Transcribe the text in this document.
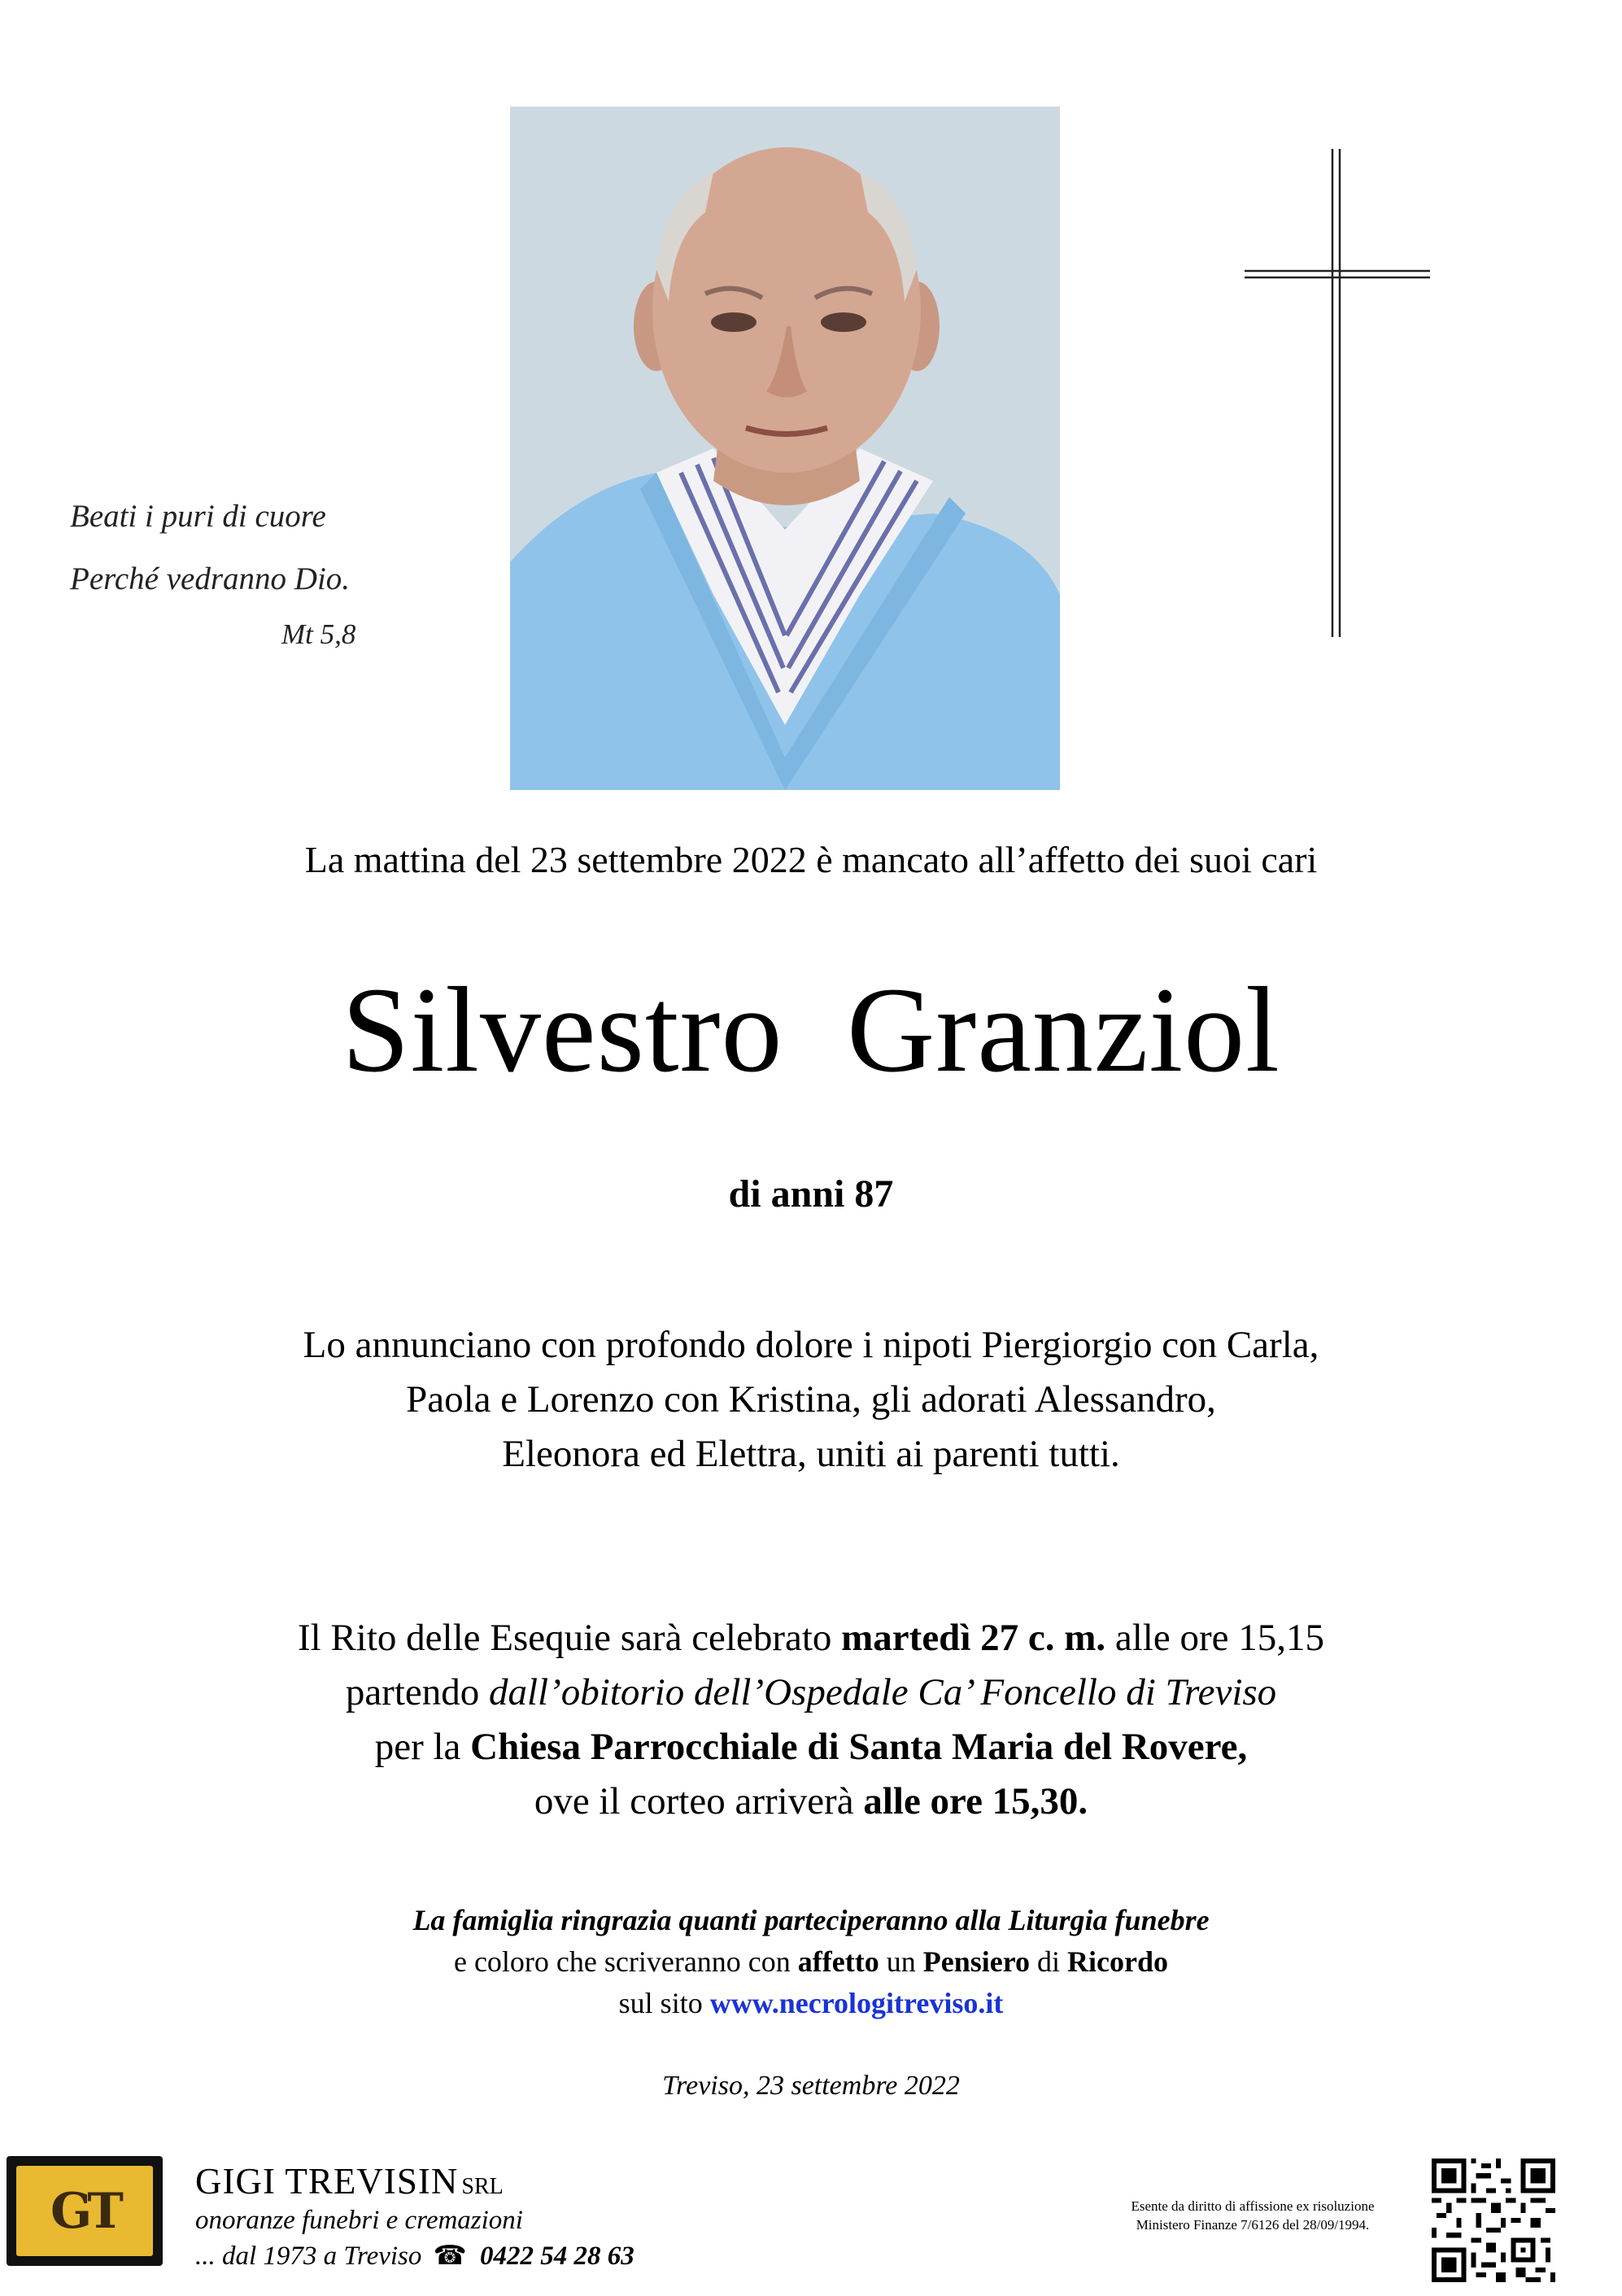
Beati i puri di cuore
Perché vedranno Dio.
Mt 5,8
La mattina del 23 settembre 2022 è mancato all’affetto dei suoi cari
Silvestro Granziol
di anni 87
Lo annunciano con profondo dolore i nipoti Piergiorgio con Carla,
Paola e Lorenzo con Kristina, gli adorati Alessandro,
Eleonora ed Elettra, uniti ai parenti tutti.
Il Rito delle Esequie sarà celebrato martedì 27 c. m. alle ore 15,15
partendo dall’obitorio dell’Ospedale Ca’ Foncello di Treviso
per la Chiesa Parrocchiale di Santa Maria del Rovere,
ove il corteo arriverà alle ore 15,30.
La famiglia ringrazia quanti parteciperanno alla Liturgia funebre
e coloro che scriveranno con affetto un Pensiero di Ricordo
sul sito www.necrologitreviso.it
Treviso, 23 settembre 2022
GT
GIGI TREVISIN SRL
onoranze funebri e cremazioni
... dal 1973 a Treviso ☎ 0422 54 28 63
Esente da diritto di affissione ex risoluzione
Ministero Finanze 7/6126 del 28/09/1994.
